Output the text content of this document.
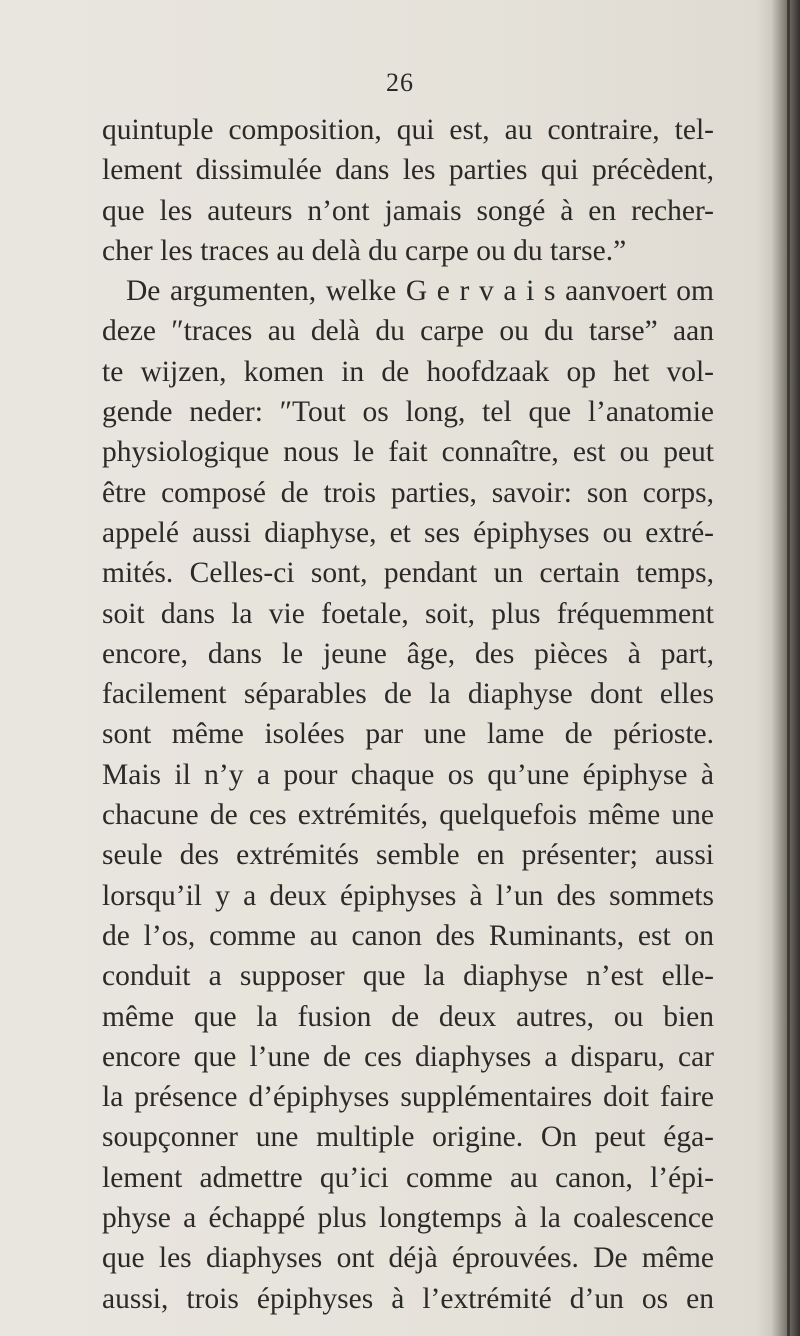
26
quintuple composition, qui est, au contraire, tel-
lement dissimulée dans les parties qui précèdent,
que les auteurs n’ont jamais songé à en recher-
cher les traces au delà du carpe ou du tarse.”
De argumenten, welke G e r v a i s aanvoert om
deze ″traces au delà du carpe ou du tarse” aan
te wijzen, komen in de hoofdzaak op het vol-
gende neder: ″Tout os long, tel que l’anatomie
physiologique nous le fait connaître, est ou peut
être composé de trois parties, savoir: son corps,
appelé aussi diaphyse, et ses épiphyses ou extré-
mités. Celles-ci sont, pendant un certain temps,
soit dans la vie foetale, soit, plus fréquemment
encore, dans le jeune âge, des pièces à part,
facilement séparables de la diaphyse dont elles
sont même isolées par une lame de périoste.
Mais il n’y a pour chaque os qu’une épiphyse à
chacune de ces extrémités, quelquefois même une
seule des extrémités semble en présenter; aussi
lorsqu’il y a deux épiphyses à l’un des sommets
de l’os, comme au canon des Ruminants, est on
conduit a supposer que la diaphyse n’est elle-
même que la fusion de deux autres, ou bien
encore que l’une de ces diaphyses a disparu, car
la présence d’épiphyses supplémentaires doit faire
soupçonner une multiple origine. On peut éga-
lement admettre qu’ici comme au canon, l’épi-
physe a échappé plus longtemps à la coalescence
que les diaphyses ont déjà éprouvées. De même
aussi, trois épiphyses à l’extrémité d’un os en
